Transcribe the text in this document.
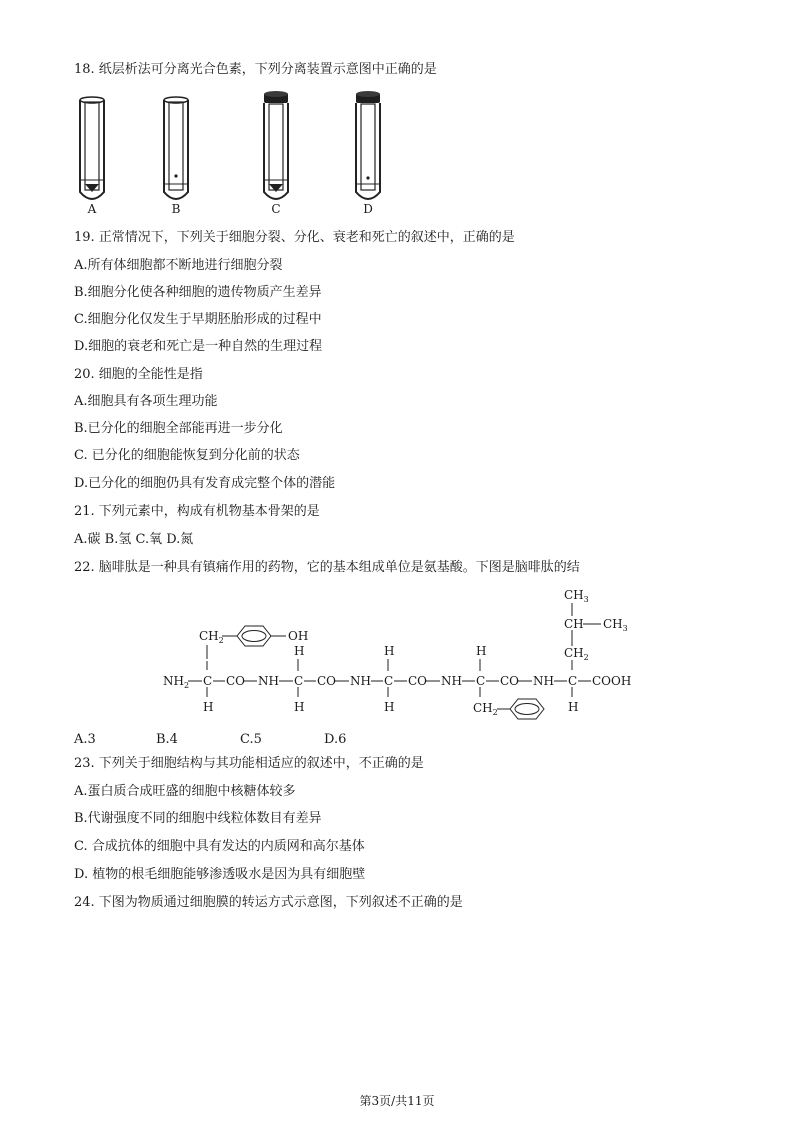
18. 纸层析法可分离光合色素，下列分离装置示意图中正确的是
A	B	C	D
19. 正常情况下，下列关于细胞分裂、分化、衰老和死亡的叙述中，正确的是
A.所有体细胞都不断地进行细胞分裂
B.细胞分化使各种细胞的遗传物质产生差异
C.细胞分化仅发生于早期胚胎形成的过程中
D.细胞的衰老和死亡是一种自然的生理过程
20. 细胞的全能性是指
A.细胞具有各项生理功能
B.已分化的细胞全部能再进一步分化
C. 已分化的细胞能恢复到分化前的状态
D.已分化的细胞仍具有发育成完整个体的潜能
21. 下列元素中，构成有机物基本骨架的是
A.碳 B.氢 C.氧 D.氮
22. 脑啡肽是一种具有镇痛作用的药物，它的基本组成单位是氨基酸。下图是脑啡肽的结
$NH_2$ C
H
$CH_2$	OH
CO NH C
H
H
CO NH C
H
H
CO NH C
H
$CH_2$
CO NH C
H
COOH
$CH_2$
CH $CH_3$
$CH_3$
A.3	B.4	C.5	D.6
23. 下列关于细胞结构与其功能相适应的叙述中，不正确的是
A.蛋白质合成旺盛的细胞中核糖体较多
B.代谢强度不同的细胞中线粒体数目有差异
C. 合成抗体的细胞中具有发达的内质网和高尔基体
D. 植物的根毛细胞能够渗透吸水是因为具有细胞壁
24. 下图为物质通过细胞膜的转运方式示意图，下列叙述不正确的是
第3页/共11页
